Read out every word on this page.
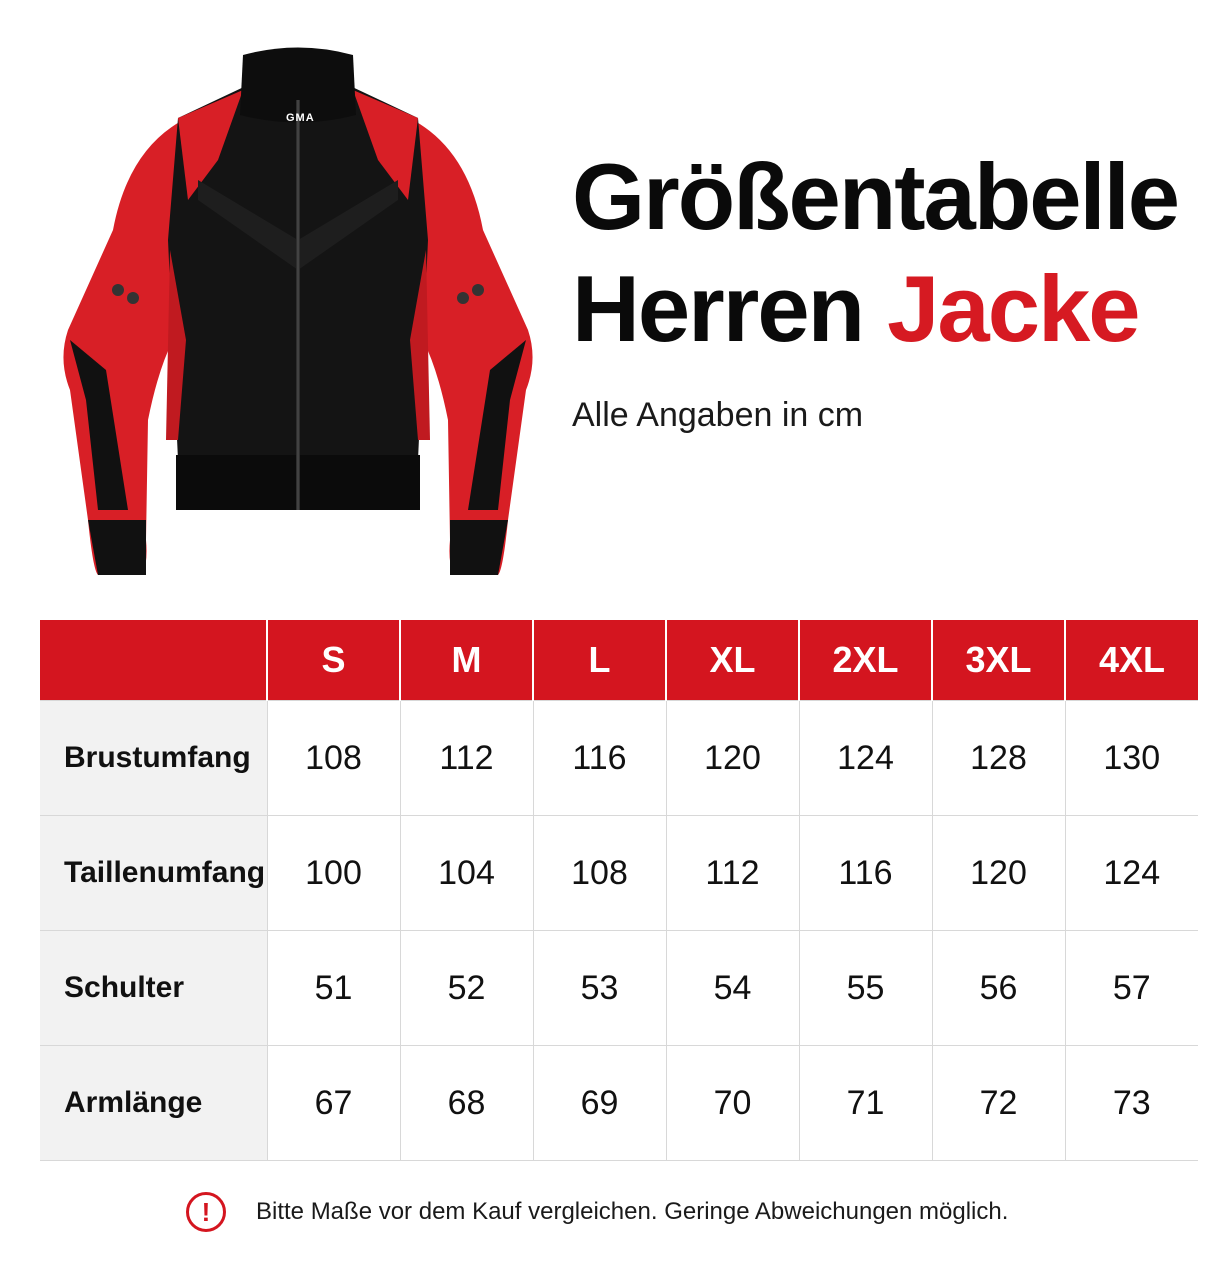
GMA
Größentabelle
Herren Jacke
Alle Angaben in cm
	S	M	L	XL	2XL	3XL	4XL
Brustumfang	108	112	116	120	124	128	130
Taillenumfang	100	104	108	112	116	120	124
Schulter	51	52	53	54	55	56	57
Armlänge	67	68	69	70	71	72	73
!	Bitte Maße vor dem Kauf vergleichen. Geringe Abweichungen möglich.
